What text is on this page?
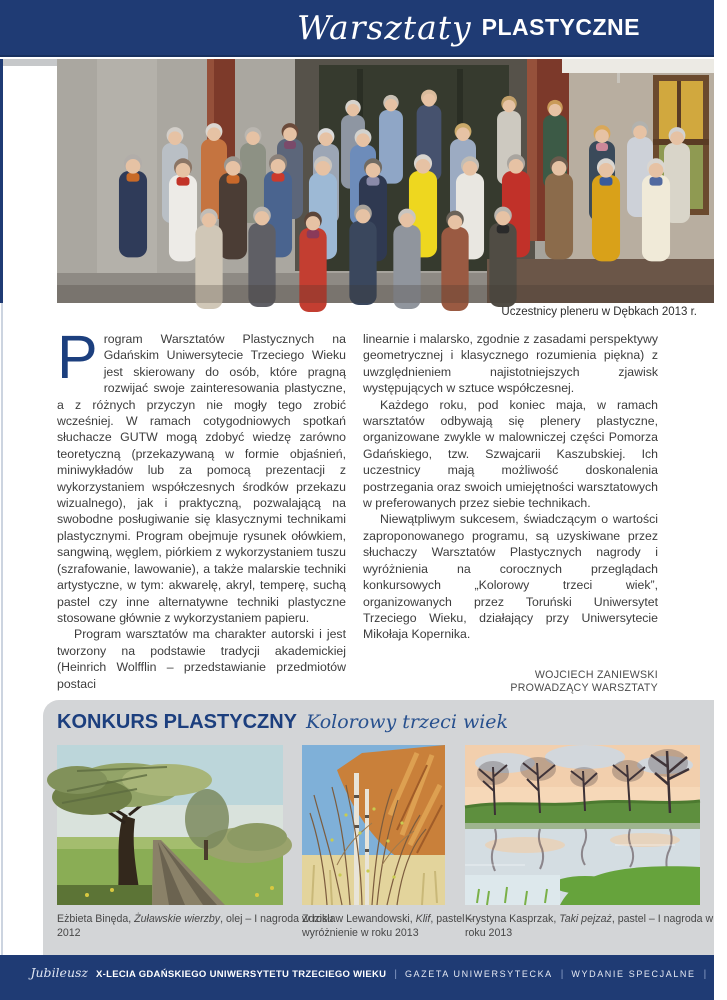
Warsztaty PLASTYCZNE
Uczestnicy pleneru w Dębkach 2013 r.

Program Warsztatów Plastycznych na Gdańskim Uniwersytecie Trzeciego Wieku jest skierowany do osób, które pragną rozwijać swoje zainteresowania plastyczne, a z różnych przyczyn nie mogły tego zrobić wcześniej. W ramach cotygodniowych spotkań słuchacze GUTW mogą zdobyć wiedzę zarówno teoretyczną (przekazywaną w formie objaśnień, miniwykładów lub za pomocą prezentacji z wykorzystaniem współczesnych środków przekazu wizualnego), jak i praktyczną, pozwalającą na swobodne posługiwanie się klasycznymi technikami plastycznymi. Program obejmuje rysunek ołówkiem, sangwiną, węglem, piórkiem z wykorzystaniem tuszu (szrafowanie, lawowanie), a także malarskie techniki artystyczne, w tym: akwarelę, akryl, temperę, suchą pastel czy inne alternatywne techniki plastyczne stosowane głównie z wykorzystaniem papieru.

Program warsztatów ma charakter autorski i jest tworzony na podstawie tradycji akademickiej (Heinrich Wolfflin – przedstawianie przedmiotów postaci

linearnie i malarsko, zgodnie z zasadami perspektywy geometrycznej i klasycznego rozumienia piękna) z uwzględnieniem najistotniejszych zjawisk występujących w sztuce współczesnej.

Każdego roku, pod koniec maja, w ramach warsztatów odbywają się plenery plastyczne, organizowane zwykle w malowniczej części Pomorza Gdańskiego, tzw. Szwajcarii Kaszubskiej. Ich uczestnicy mają możliwość doskonalenia postrzegania oraz swoich umiejętności warsztatowych w preferowanych przez siebie technikach.

Niewątpliwym sukcesem, świadczącym o wartości zaproponowanego programu, są uzyskiwane przez słuchaczy Warsztatów Plastycznych nagrody i wyróżnienia na corocznych przeglądach konkursowych „Kolorowy trzeci wiek”, organizowanych przez Toruński Uniwersytet Trzeciego Wieku, działający przy Uniwersytecie Mikołaja Kopernika.

WOJCIECH ZANIEWSKI
PROWADZĄCY WARSZTATY
KONKURS PLASTYCZNY Kolorowy trzeci wiek
Eżbieta Binęda, Żuławskie wierzby, olej – I nagroda w roku 2012
Zdzisław Lewandowski, Klif, pastel – wyróżnienie w roku 2013
Krystyna Kasprzak, Taki pejzaż, pastel – I nagroda w roku 2013
Jubileusz X-LECIA GDAŃSKIEGO UNIWERSYTETU TRZECIEGO WIEKU | GAZETA UNIWERSYTECKA | WYDANIE SPECJALNE | 23
